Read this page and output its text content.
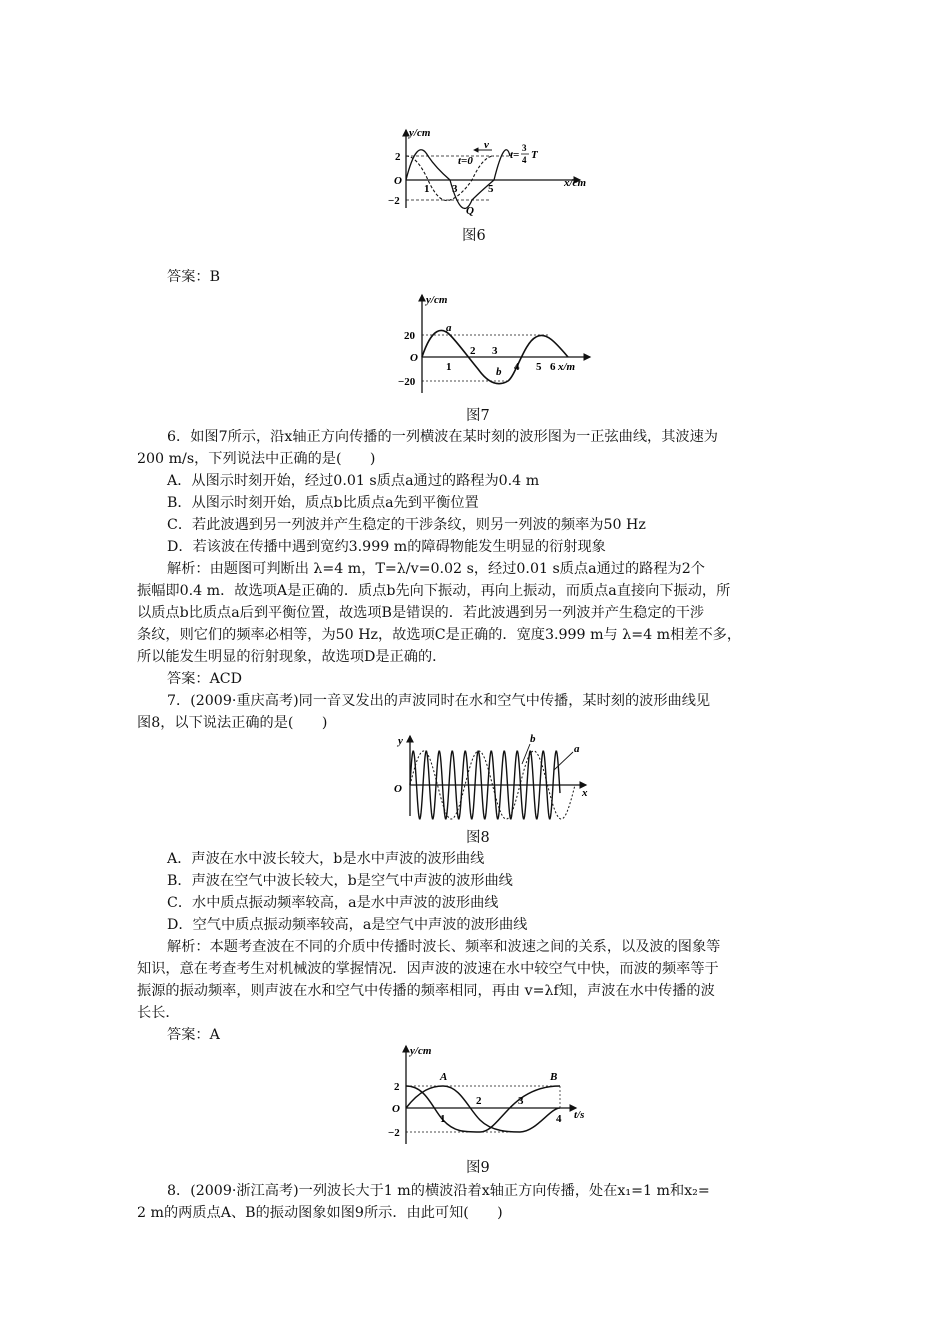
y/cm
x/cm
O
2
−2
1 3	5
v
t=0	t=
3
4 T
Q
图6
答案：B
y/cm
x/m
O
20
−20
1
2 3
4 5 6
a
b
图7
6．如图7所示，沿x轴正方向传播的一列横波在某时刻的波形图为一正弦曲线，其波速为
200 m/s，下列说法中正确的是(　　)
A．从图示时刻开始，经过0.01 s质点a通过的路程为0.4 m
B．从图示时刻开始，质点b比质点a先到平衡位置
C．若此波遇到另一列波并产生稳定的干涉条纹，则另一列波的频率为50 Hz
D．若该波在传播中遇到宽约3.999 m的障碍物能发生明显的衍射现象
解析：由题图可判断出 λ=4 m，T=λ/v=0.02 s，经过0.01 s质点a通过的路程为2个
振幅即0.4 m．故选项A是正确的．质点b先向下振动，再向上振动，而质点a直接向下振动，所
以质点b比质点a后到平衡位置，故选项B是错误的．若此波遇到另一列波并产生稳定的干涉
条纹，则它们的频率必相等，为50 Hz，故选项C是正确的．宽度3.999 m与 λ=4 m相差不多，
所以能发生明显的衍射现象，故选项D是正确的．
答案：ACD
7．(2009·重庆高考)同一音叉发出的声波同时在水和空气中传播，某时刻的波形曲线见
图8，以下说法正确的是(　　)
y
x
O
b
a
图8
A．声波在水中波长较大，b是水中声波的波形曲线
B．声波在空气中波长较大，b是空气中声波的波形曲线
C．水中质点振动频率较高，a是水中声波的波形曲线
D．空气中质点振动频率较高，a是空气中声波的波形曲线
解析：本题考查波在不同的介质中传播时波长、频率和波速之间的关系，以及波的图象等
知识，意在考查考生对机械波的掌握情况．因声波的波速在水中较空气中快，而波的频率等于
振源的振动频率，则声波在水和空气中传播的频率相同，再由 v=λf知，声波在水中传播的波
长长．
答案：A
y/cm
t/s
O
2
−2
1
2	3
4
A	B
图9
8．(2009·浙江高考)一列波长大于1 m的横波沿着x轴正方向传播，处在x₁=1 m和x₂=
2 m的两质点A、B的振动图象如图9所示．由此可知(　　)
